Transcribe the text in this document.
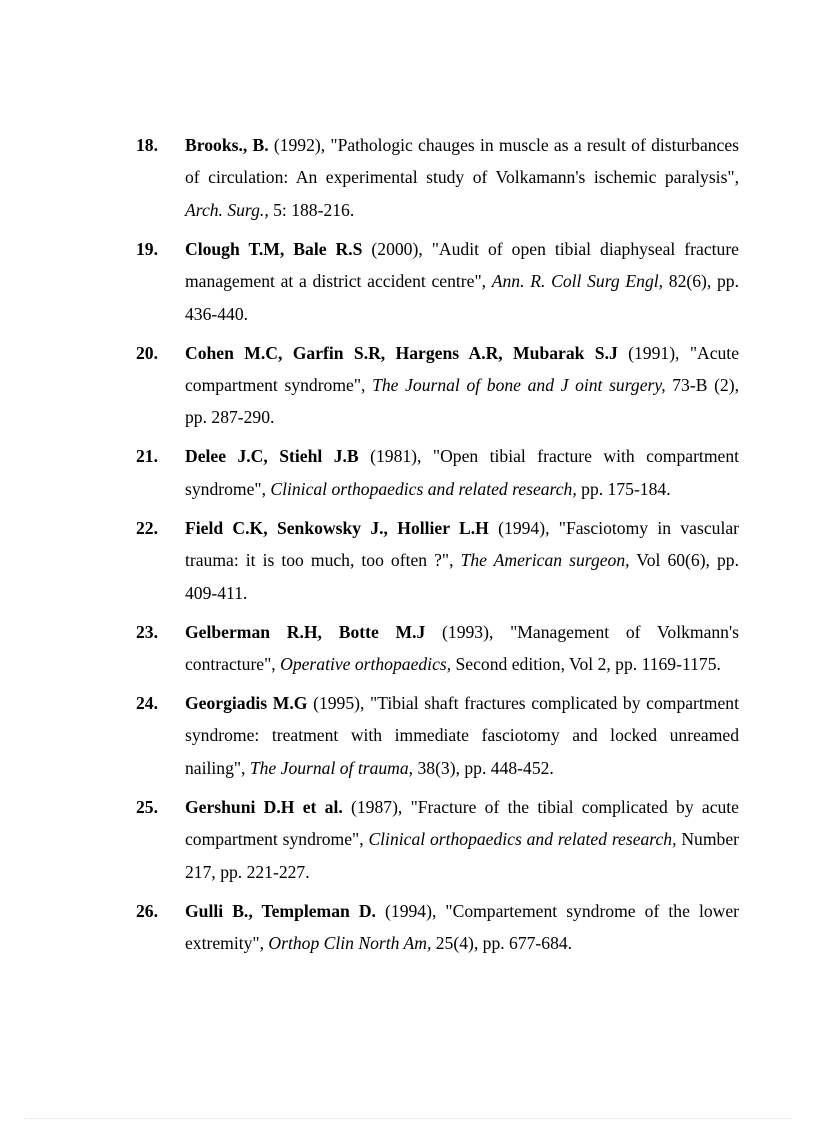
18. Brooks., B. (1992), "Pathologic chauges in muscle as a result of disturbances of circulation: An experimental study of Volkamann's ischemic paralysis", Arch. Surg., 5: 188-216.
19. Clough T.M, Bale R.S (2000), "Audit of open tibial diaphyseal fracture management at a district accident centre", Ann. R. Coll Surg Engl, 82(6), pp. 436-440.
20. Cohen M.C, Garfin S.R, Hargens A.R, Mubarak S.J (1991), "Acute compartment syndrome", The Journal of bone and J oint surgery, 73-B (2), pp. 287-290.
21. Delee J.C, Stiehl J.B (1981), "Open tibial fracture with compartment syndrome", Clinical orthopaedics and related research, pp. 175-184.
22. Field C.K, Senkowsky J., Hollier L.H (1994), "Fasciotomy in vascular trauma: it is too much, too often ?", The American surgeon, Vol 60(6), pp. 409-411.
23. Gelberman R.H, Botte M.J (1993), "Management of Volkmann's contracture", Operative orthopaedics, Second edition, Vol 2, pp. 1169-1175.
24. Georgiadis M.G (1995), "Tibial shaft fractures complicated by compartment syndrome: treatment with immediate fasciotomy and locked unreamed nailing", The Journal of trauma, 38(3), pp. 448-452.
25. Gershuni D.H et al. (1987), "Fracture of the tibial complicated by acute compartment syndrome", Clinical orthopaedics and related research, Number 217, pp. 221-227.
26. Gulli B., Templeman D. (1994), "Compartement syndrome of the lower extremity", Orthop Clin North Am, 25(4), pp. 677-684.
